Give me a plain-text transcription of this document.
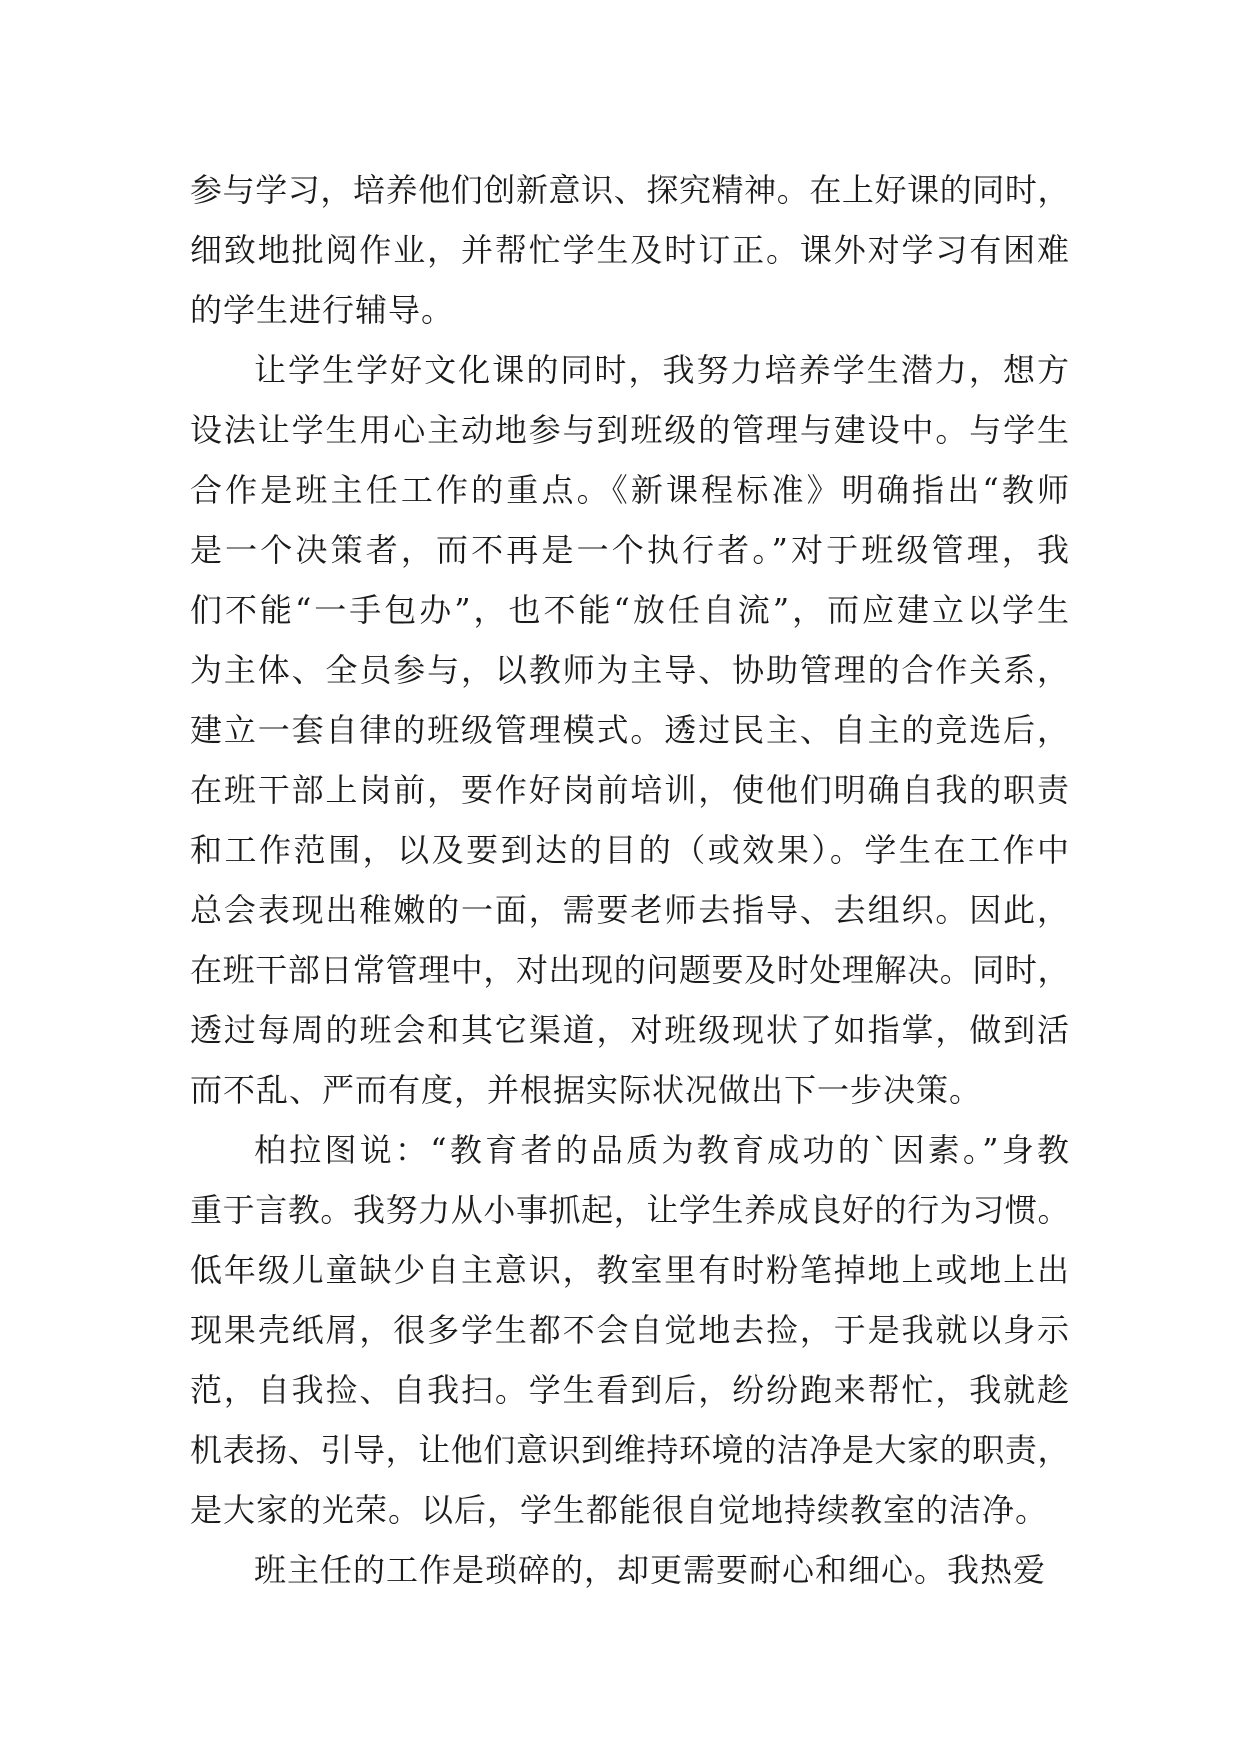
参与学习，培养他们创新意识、探究精神。在上好课的同时，
细致地批阅作业，并帮忙学生及时订正。课外对学习有困难
的学生进行辅导。
让学生学好文化课的同时，我努力培养学生潜力，想方
设法让学生用心主动地参与到班级的管理与建设中。与学生
合作是班主任工作的重点。《新课程标准》明确指出“教师
是一个决策者，而不再是一个执行者。”对于班级管理，我
们不能“一手包办”，也不能“放任自流”，而应建立以学生
为主体、全员参与，以教师为主导、协助管理的合作关系，
建立一套自律的班级管理模式。透过民主、自主的竞选后，
在班干部上岗前，要作好岗前培训，使他们明确自我的职责
和工作范围，以及要到达的目的（或效果）。学生在工作中
总会表现出稚嫩的一面，需要老师去指导、去组织。因此，
在班干部日常管理中，对出现的问题要及时处理解决。同时，
透过每周的班会和其它渠道，对班级现状了如指掌，做到活
而不乱、严而有度，并根据实际状况做出下一步决策。
柏拉图说：“教育者的品质为教育成功的`因素。”身教
重于言教。我努力从小事抓起，让学生养成良好的行为习惯。
低年级儿童缺少自主意识，教室里有时粉笔掉地上或地上出
现果壳纸屑，很多学生都不会自觉地去捡，于是我就以身示
范，自我捡、自我扫。学生看到后，纷纷跑来帮忙，我就趁
机表扬、引导，让他们意识到维持环境的洁净是大家的职责，
是大家的光荣。以后，学生都能很自觉地持续教室的洁净。
班主任的工作是琐碎的，却更需要耐心和细心。我热爱
